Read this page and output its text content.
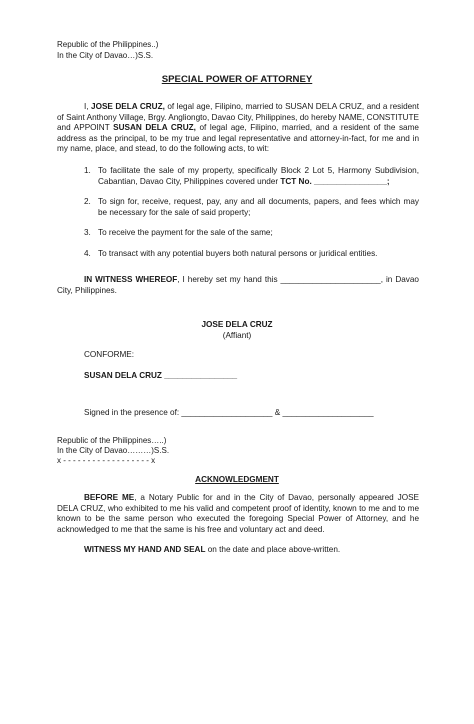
Republic of the Philippines..)
In the City of Davao…)S.S.
SPECIAL POWER OF ATTORNEY
I, JOSE DELA CRUZ, of legal age, Filipino, married to SUSAN DELA CRUZ, and a resident of Saint Anthony Village, Brgy. Angliongto, Davao City, Philippines, do hereby NAME, CONSTITUTE and APPOINT SUSAN DELA CRUZ, of legal age, Filipino, married, and a resident of the same address as the principal, to be my true and legal representative and attorney-in-fact, for me and in my name, place, and stead, to do the following acts, to wit:
1. To facilitate the sale of my property, specifically Block 2 Lot 5, Harmony Subdivision, Cabantian, Davao City, Philippines covered under TCT No. ________________;
2. To sign for, receive, request, pay, any and all documents, papers, and fees which may be necessary for the sale of said property;
3. To receive the payment for the sale of the same;
4. To transact with any potential buyers both natural persons or juridical entities.
IN WITNESS WHEREOF, I hereby set my hand this ______________________, in Davao City, Philippines.
JOSE DELA CRUZ
(Affiant)
CONFORME:
SUSAN DELA CRUZ ________________
Signed in the presence of: ____________________ & ____________________
Republic of the Philippines…..)
In the City of Davao………)S.S.
x - - - - - - - - - - - - - - - - - - x
ACKNOWLEDGMENT
BEFORE ME, a Notary Public for and in the City of Davao, personally appeared JOSE DELA CRUZ, who exhibited to me his valid and competent proof of identity, known to me and to me known to be the same person who executed the foregoing Special Power of Attorney, and he acknowledged to me that the same is his free and voluntary act and deed.
WITNESS MY HAND AND SEAL on the date and place above-written.
